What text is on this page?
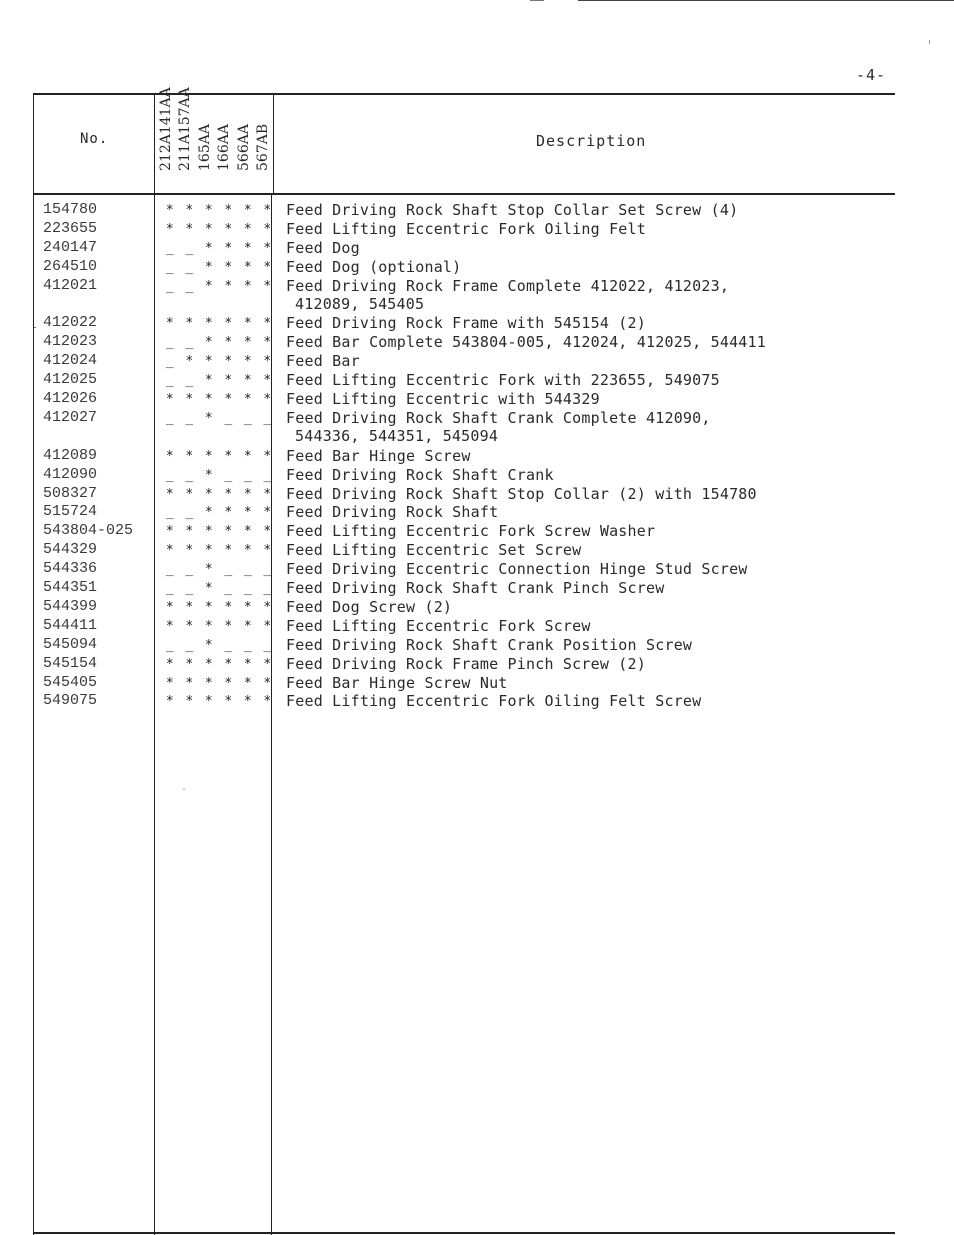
-4-
No.	212A141AA 211A157AA 165AA 166AA 566AA 567AB	Description
154780	* * * * * * Feed Driving Rock Shaft Stop Collar Set Screw (4)
223655	* * * * * * Feed Lifting Eccentric Fork Oiling Felt
240147	_ _ * * * * Feed Dog
264510	_ _ * * * * Feed Dog (optional)
412021	_ _ * * * * Feed Driving Rock Frame Complete 412022, 412023,
412089, 545405
412022	* * * * * * Feed Driving Rock Frame with 545154 (2)
412023	_ _ * * * * Feed Bar Complete 543804-005, 412024, 412025, 544411
412024	_ * * * * * Feed Bar
412025	_ _ * * * * Feed Lifting Eccentric Fork with 223655, 549075
412026	* * * * * * Feed Lifting Eccentric with 544329
412027	_ _ * _ _ _ Feed Driving Rock Shaft Crank Complete 412090,
544336, 544351, 545094
412089	* * * * * * Feed Bar Hinge Screw
412090	_ _ * _ _ _ Feed Driving Rock Shaft Crank
508327	* * * * * * Feed Driving Rock Shaft Stop Collar (2) with 154780
515724	_ _ * * * * Feed Driving Rock Shaft
543804-025	* * * * * * Feed Lifting Eccentric Fork Screw Washer
544329	* * * * * * Feed Lifting Eccentric Set Screw
544336	_ _ * _ _ _ Feed Driving Eccentric Connection Hinge Stud Screw
544351	_ _ * _ _ _ Feed Driving Rock Shaft Crank Pinch Screw
544399	* * * * * * Feed Dog Screw (2)
544411	* * * * * * Feed Lifting Eccentric Fork Screw
545094	_ _ * _ _ _ Feed Driving Rock Shaft Crank Position Screw
545154	* * * * * * Feed Driving Rock Frame Pinch Screw (2)
545405	* * * * * * Feed Bar Hinge Screw Nut
549075	* * * * * * Feed Lifting Eccentric Fork Oiling Felt Screw
